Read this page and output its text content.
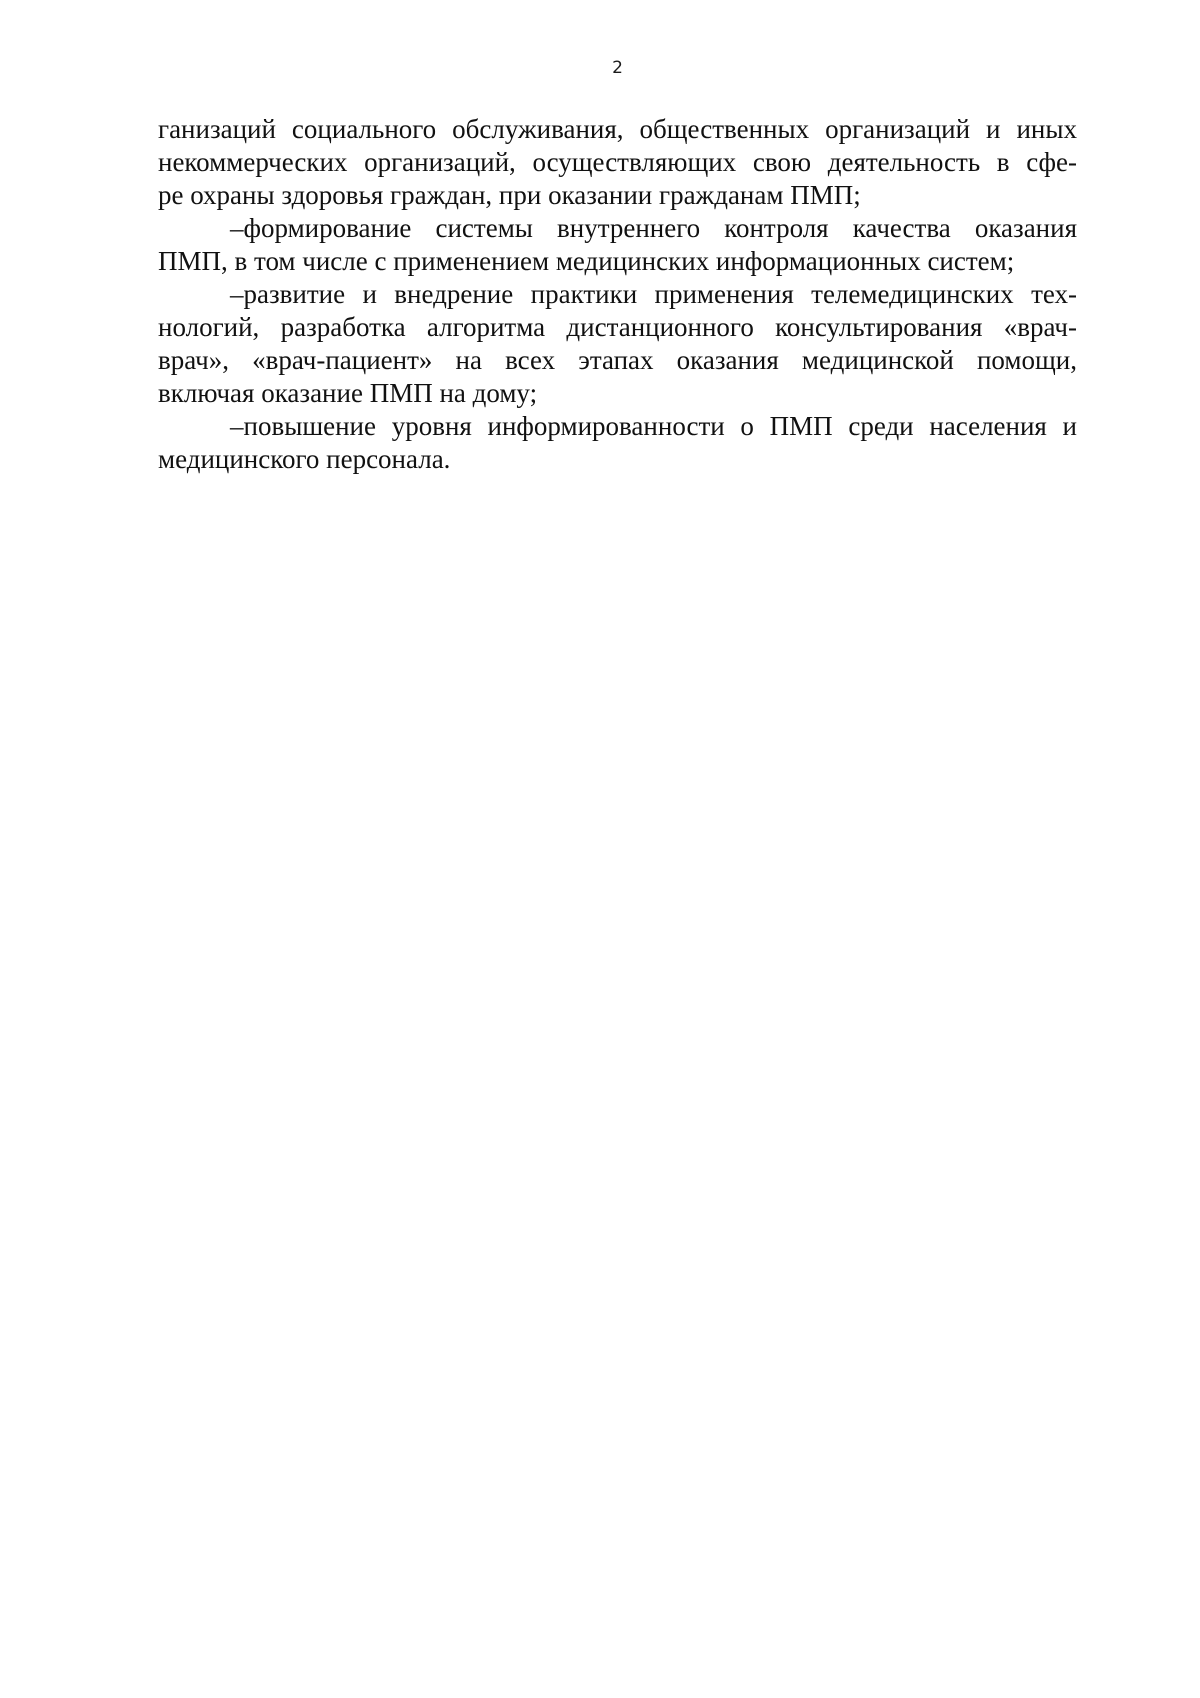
2
ганизаций социального обслуживания, общественных организаций и иных
некоммерческих организаций, осуществляющих свою деятельность в сфе-
ре охраны здоровья граждан, при оказании гражданам ПМП;
–формирование системы внутреннего контроля качества оказания
ПМП, в том числе с применением медицинских информационных систем;
–развитие и внедрение практики применения телемедицинских тех-
нологий, разработка алгоритма дистанционного консультирования «врач-
врач», «врач-пациент» на всех этапах оказания медицинской помощи,
включая оказание ПМП на дому;
–повышение уровня информированности о ПМП среди населения и
медицинского персонала.
